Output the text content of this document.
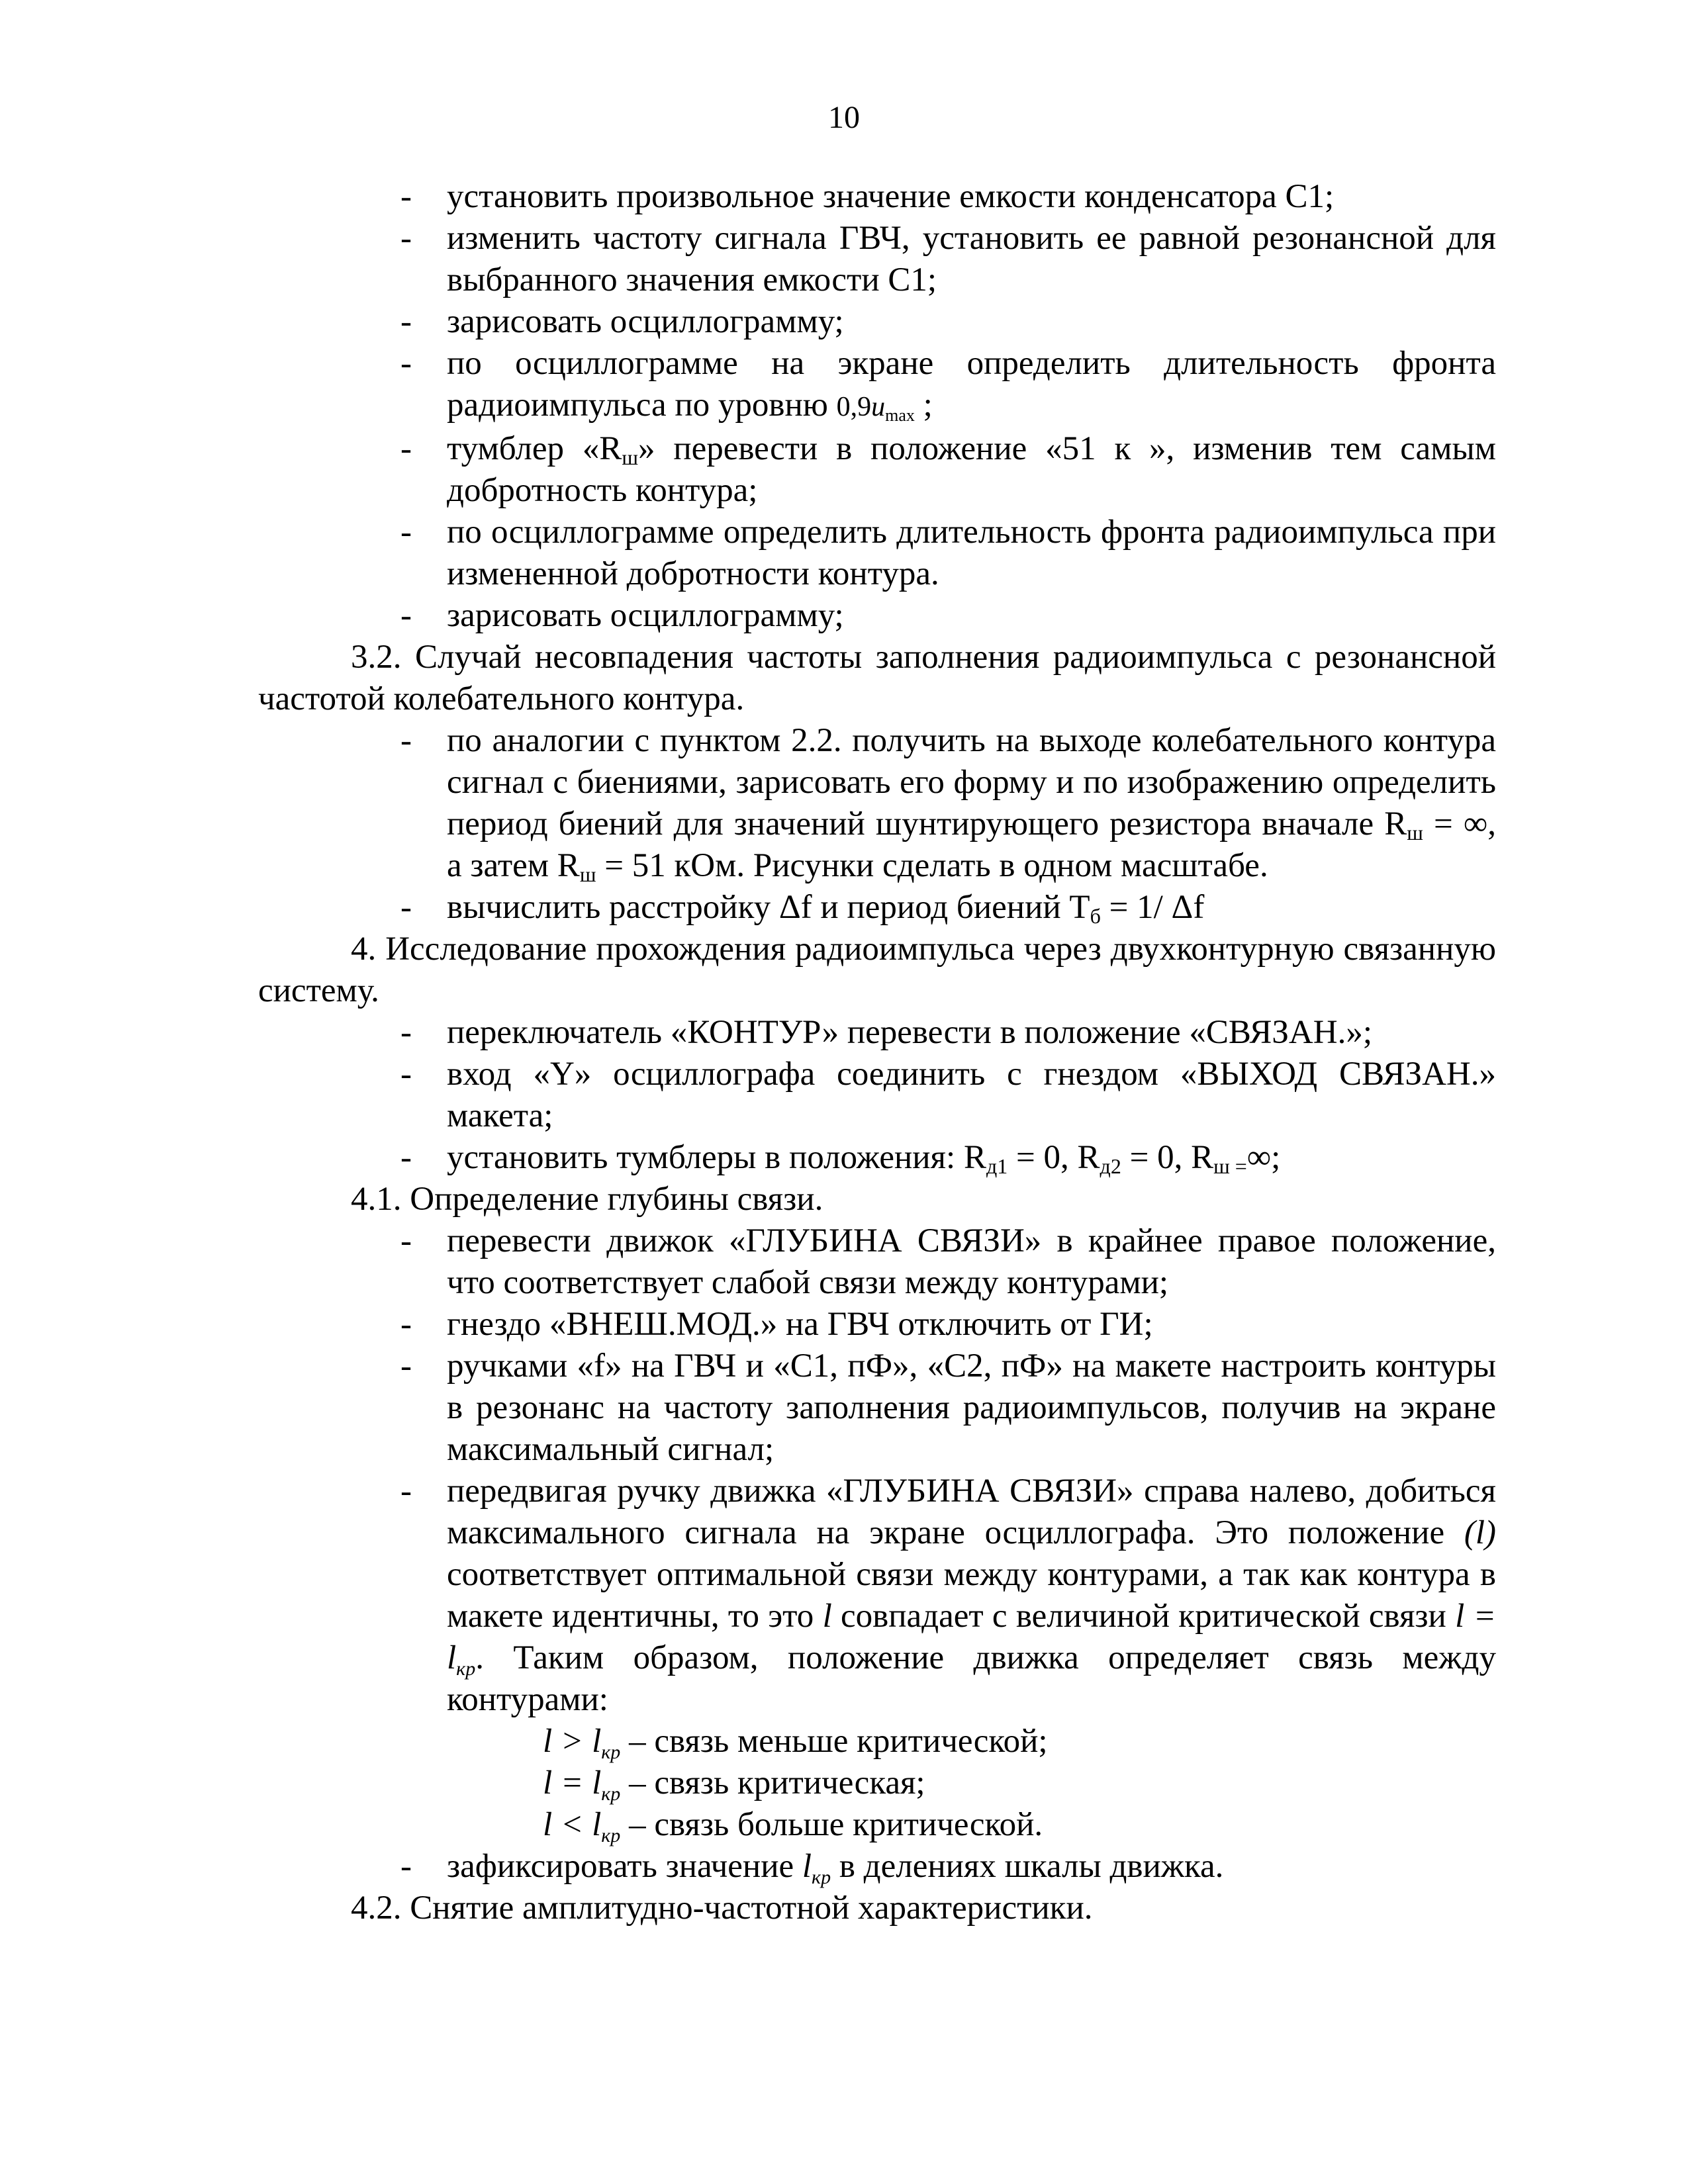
10
- установить произвольное значение емкости конденсатора С1;
- изменить частоту сигнала ГВЧ, установить ее равной резонансной для выбранного значения емкости С1;
- зарисовать осциллограмму;
- по осциллограмме на экране определить длительность фронта радиоимпульса по уровню 0,9umax ;
- тумблер «Rш» перевести в положение «51 к », изменив тем самым добротность контура;
- по осциллограмме определить длительность фронта радиоимпульса при измененной добротности контура.
- зарисовать осциллограмму;
3.2. Случай несовпадения частоты заполнения радиоимпульса с резонансной частотой колебательного контура.
- по аналогии с пунктом 2.2. получить на выходе колебательного контура сигнал с биениями, зарисовать его форму и по изображению определить период биений для значений шунтирующего резистора вначале Rш = ∞, а затем Rш = 51 кОм. Рисунки сделать в одном масштабе.
- вычислить расстройку Δf и период биений Tб = 1/ Δf
4. Исследование прохождения радиоимпульса через двухконтурную связанную систему.
- переключатель «КОНТУР» перевести в положение «СВЯЗАН.»;
- вход «Y» осциллографа соединить с гнездом «ВЫХОД СВЯЗАН.» макета;
- установить тумблеры в положения: Rд1 = 0, Rд2 = 0, Rш =∞;
4.1. Определение глубины связи.
- перевести движок «ГЛУБИНА СВЯЗИ» в крайнее правое положение, что соответствует слабой связи между контурами;
- гнездо «ВНЕШ.МОД.» на ГВЧ отключить от ГИ;
- ручками «f» на ГВЧ и «С1, пФ», «С2, пФ» на макете настроить контуры в резонанс на частоту заполнения радиоимпульсов, получив на экране максимальный сигнал;
- передвигая ручку движка «ГЛУБИНА СВЯЗИ» справа налево, добиться максимального сигнала на экране осциллографа. Это положение (l) соответствует оптимальной связи между контурами, а так как контура в макете идентичны, то это l совпадает с величиной критической связи l = lкр. Таким образом, положение движка определяет связь между контурами:
l > lкр – связь меньше критической;
l = lкр – связь критическая;
l < lкр – связь больше критической.
- зафиксировать значение lкр в делениях шкалы движка.
4.2. Снятие амплитудно-частотной характеристики.
